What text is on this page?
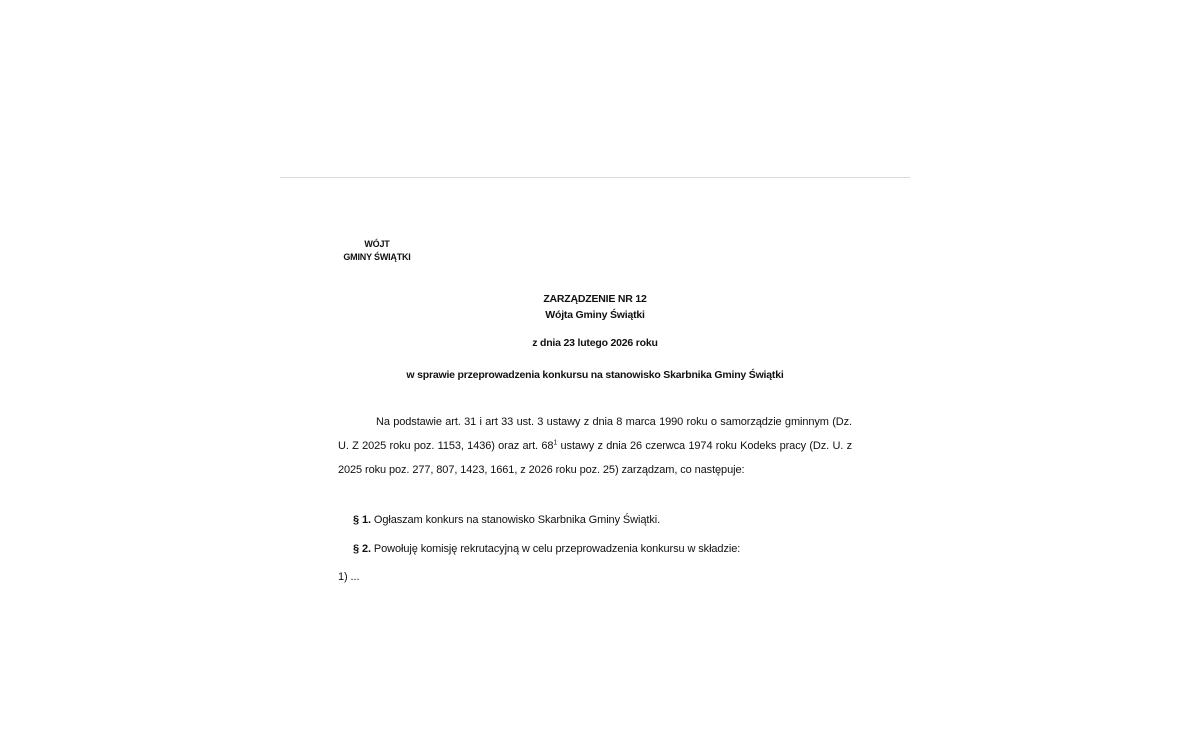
WÓJT
GMINY ŚWIĄTKI
ZARZĄDZENIE NR 12
Wójta Gminy Świątki
z dnia 23 lutego 2026 roku
w sprawie przeprowadzenia konkursu na stanowisko Skarbnika Gminy Świątki
Na podstawie art. 31 i art 33 ust. 3 ustawy z dnia 8 marca 1990 roku o samorządzie gminnym (Dz. U. Z 2025 roku poz. 1153, 1436) oraz art. $68^1$ ustawy z dnia 26 czerwca 1974 roku Kodeks pracy (Dz. U. z 2025 roku poz. 277, 807, 1423, 1661, z 2026 roku poz. 25) zarządzam, co następuje:
§ 1. Ogłaszam konkurs na stanowisko Skarbnika Gminy Świątki.
§ 2. Powołuję komisję rekrutacyjną w celu przeprowadzenia konkursu w składzie:
1) ...
